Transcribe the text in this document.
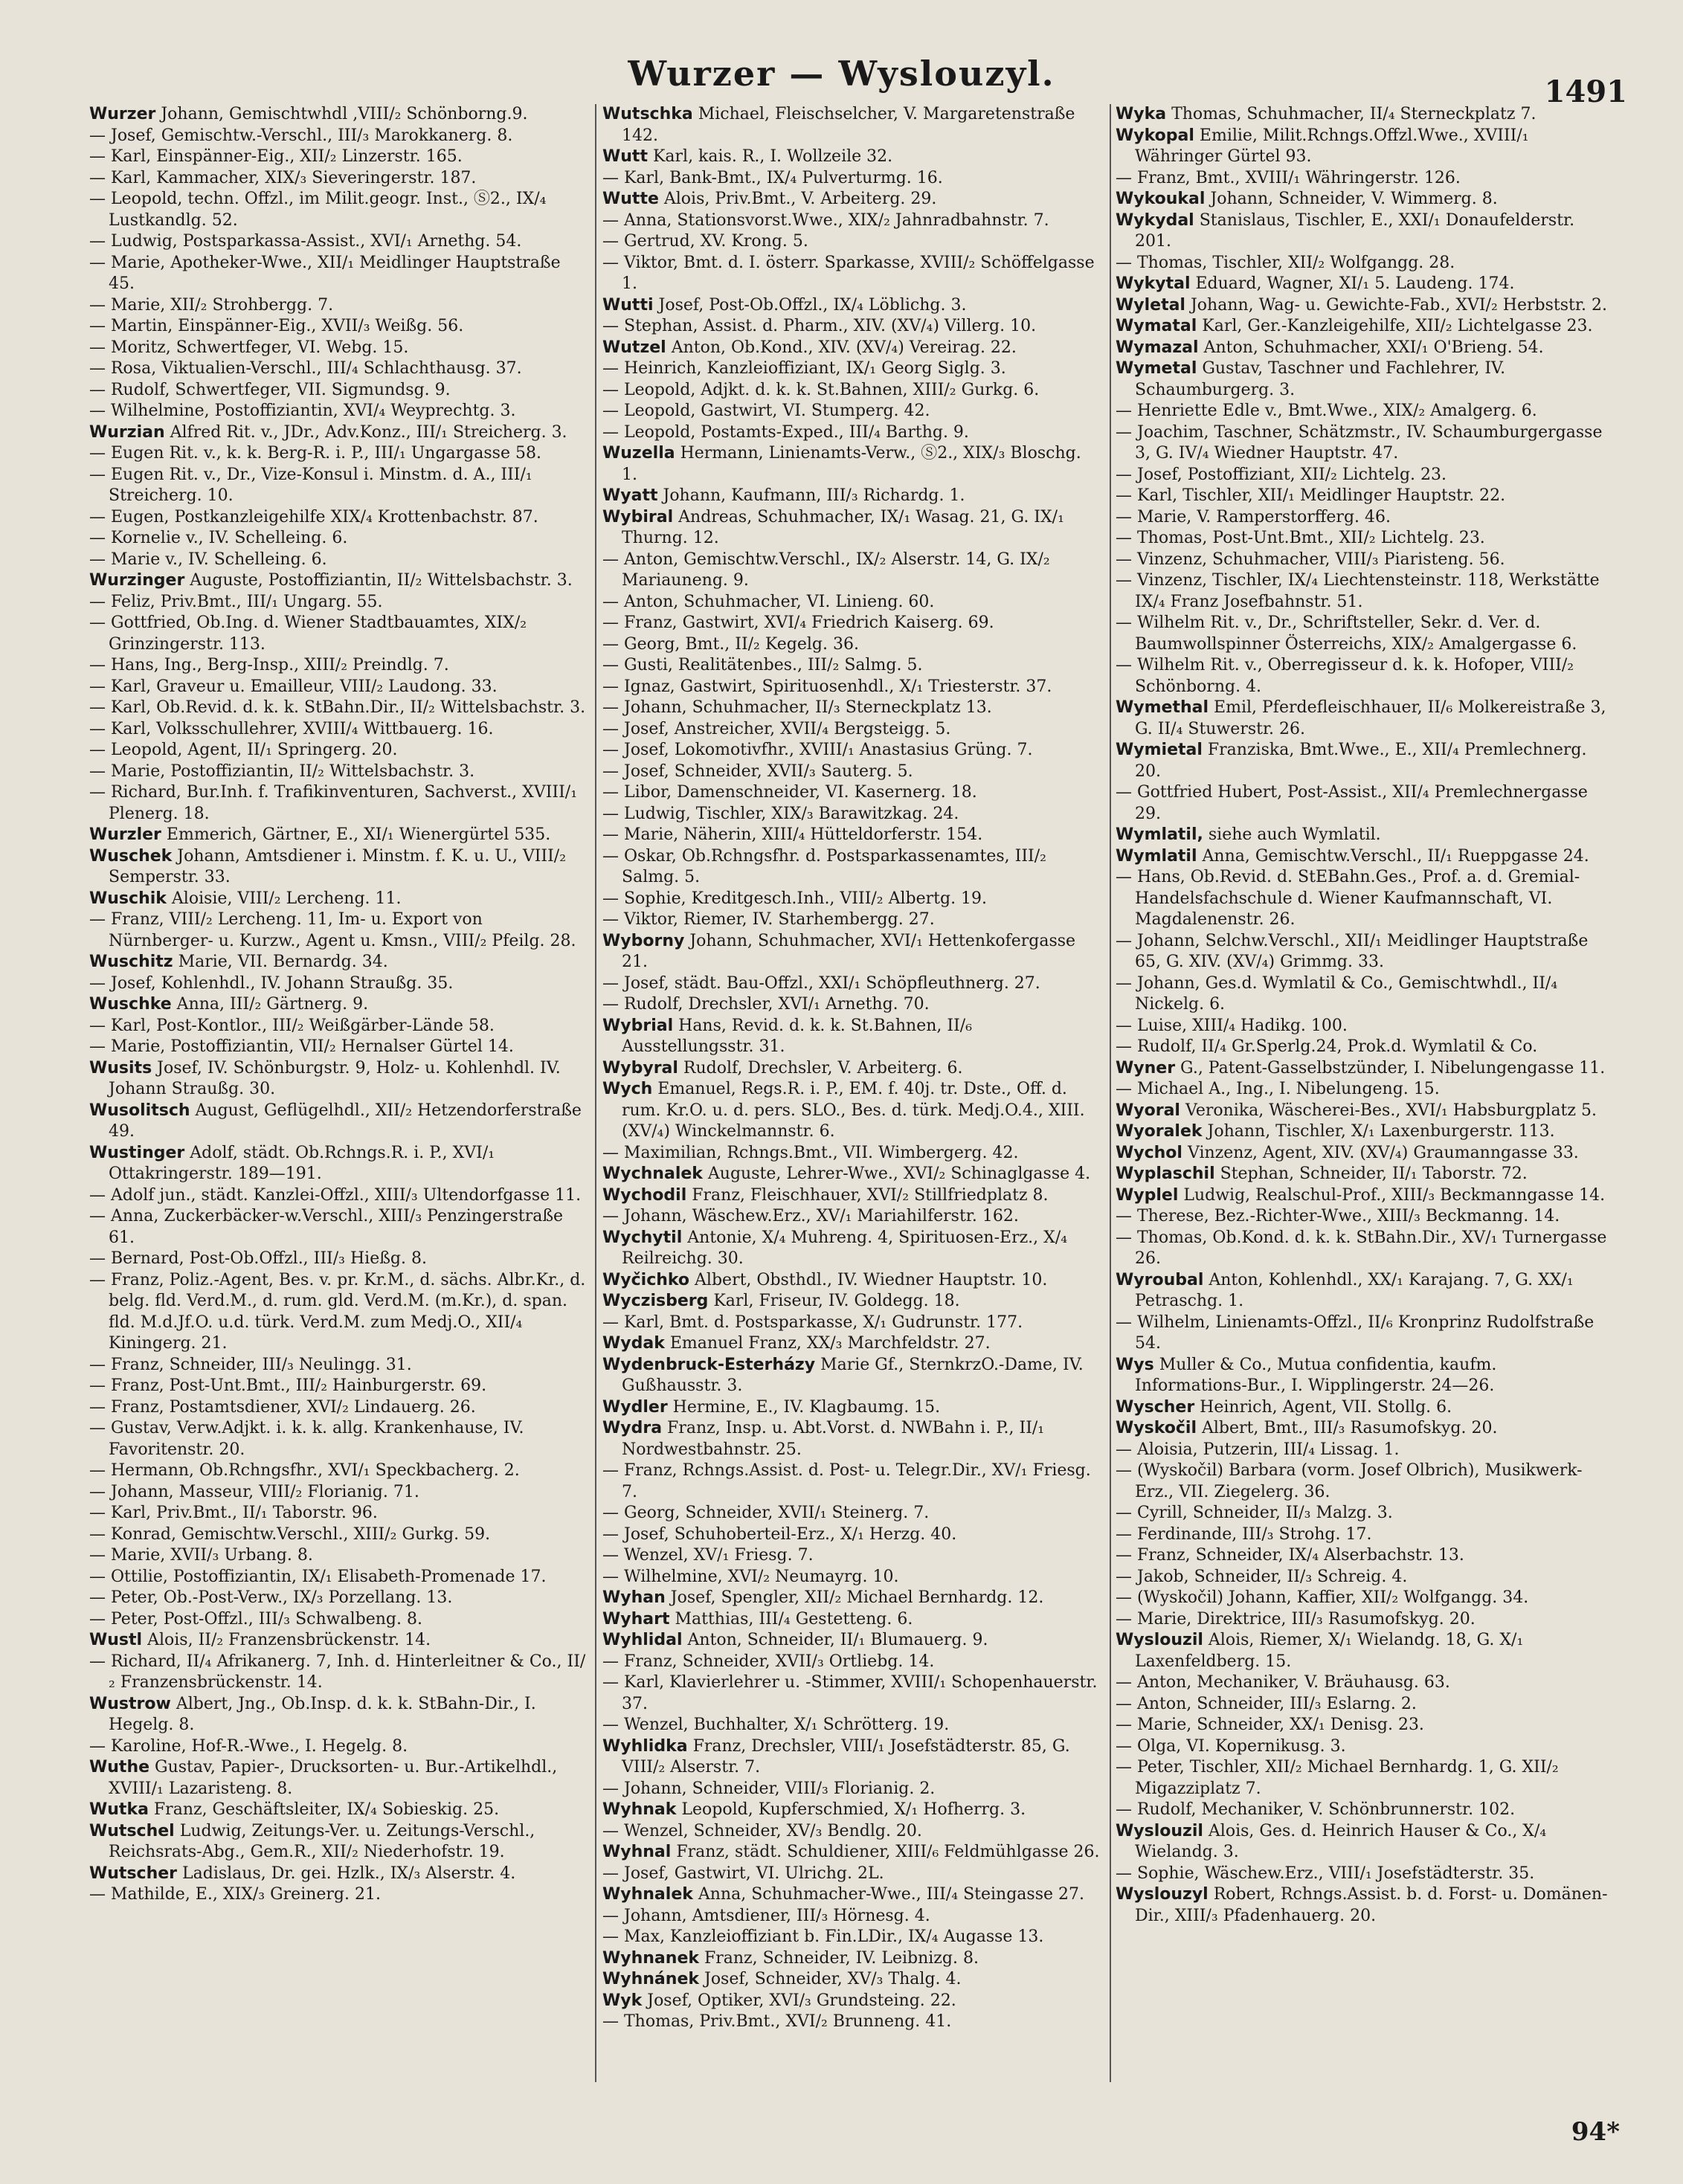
Wurzer — Wyslouzyl.	1491
Wurzer Johann, Gemischtwhdl ,VIII/₂ Schönborng.9.
— Josef, Gemischtw.-Verschl., III/₃ Marokkanerg. 8.
— Karl, Einspänner-Eig., XII/₂ Linzerstr. 165.
— Karl, Kammacher, XIX/₃ Sieveringerstr. 187.
— Leopold, techn. Offzl., im Milit.geogr. Inst., Ⓢ2., IX/₄ Lustkandlg. 52.
— Ludwig, Postsparkassa-Assist., XVI/₁ Arnethg. 54.
— Marie, Apotheker-Wwe., XII/₁ Meidlinger Hauptstraße 45.
— Marie, XII/₂ Strohbergg. 7.
— Martin, Einspänner-Eig., XVII/₃ Weißg. 56.
— Moritz, Schwertfeger, VI. Webg. 15.
— Rosa, Viktualien-Verschl., III/₄ Schlachthausg. 37.
— Rudolf, Schwertfeger, VII. Sigmundsg. 9.
— Wilhelmine, Postoffiziantin, XVI/₄ Weyprechtg. 3.
Wurzian Alfred Rit. v., JDr., Adv.Konz., III/₁ Streicherg. 3.
— Eugen Rit. v., k. k. Berg-R. i. P., III/₁ Ungargasse 58.
— Eugen Rit. v., Dr., Vize-Konsul i. Minstm. d. A., III/₁ Streicherg. 10.
— Eugen, Postkanzleigehilfe XIX/₄ Krottenbachstr. 87.
— Kornelie v., IV. Schelleing. 6.
— Marie v., IV. Schelleing. 6.
Wurzinger Auguste, Postoffiziantin, II/₂ Wittelsbachstr. 3.
— Feliz, Priv.Bmt., III/₁ Ungarg. 55.
— Gottfried, Ob.Ing. d. Wiener Stadtbauamtes, XIX/₂ Grinzingerstr. 113.
— Hans, Ing., Berg-Insp., XIII/₂ Preindlg. 7.
— Karl, Graveur u. Emailleur, VIII/₂ Laudong. 33.
— Karl, Ob.Revid. d. k. k. StBahn.Dir., II/₂ Wittelsbachstr. 3.
— Karl, Volksschullehrer, XVIII/₄ Wittbauerg. 16.
— Leopold, Agent, II/₁ Springerg. 20.
— Marie, Postoffiziantin, II/₂ Wittelsbachstr. 3.
— Richard, Bur.Inh. f. Trafikinventuren, Sachverst., XVIII/₁ Plenerg. 18.
Wurzler Emmerich, Gärtner, E., XI/₁ Wienergürtel 535.
Wuschek Johann, Amtsdiener i. Minstm. f. K. u. U., VIII/₂ Semperstr. 33.
Wuschik Aloisie, VIII/₂ Lercheng. 11.
— Franz, VIII/₂ Lercheng. 11, Im- u. Export von Nürnberger- u. Kurzw., Agent u. Kmsn., VIII/₂ Pfeilg. 28.
Wuschitz Marie, VII. Bernardg. 34.
— Josef, Kohlenhdl., IV. Johann Straußg. 35.
Wuschke Anna, III/₂ Gärtnerg. 9.
— Karl, Post-Kontlor., III/₂ Weißgärber-Lände 58.
— Marie, Postoffiziantin, VII/₂ Hernalser Gürtel 14.
Wusits Josef, IV. Schönburgstr. 9, Holz- u. Kohlenhdl. IV. Johann Straußg. 30.
Wusolitsch August, Geflügelhdl., XII/₂ Hetzendorferstraße 49.
Wustinger Adolf, städt. Ob.Rchngs.R. i. P., XVI/₁ Ottakringerstr. 189—191.
— Adolf jun., städt. Kanzlei-Offzl., XIII/₃ Ultendorfgasse 11.
— Anna, Zuckerbäcker-w.Verschl., XIII/₃ Penzingerstraße 61.
— Bernard, Post-Ob.Offzl., III/₃ Hießg. 8.
— Franz, Poliz.-Agent, Bes. v. pr. Kr.M., d. sächs. Albr.Kr., d. belg. fld. Verd.M., d. rum. gld. Verd.M. (m.Kr.), d. span. fld. M.d.Jf.O. u.d. türk. Verd.M. zum Medj.O., XII/₄ Kiningerg. 21.
— Franz, Schneider, III/₃ Neulingg. 31.
— Franz, Post-Unt.Bmt., III/₂ Hainburgerstr. 69.
— Franz, Postamtsdiener, XVI/₂ Lindauerg. 26.
— Gustav, Verw.Adjkt. i. k. k. allg. Krankenhause, IV. Favoritenstr. 20.
— Hermann, Ob.Rchngsfhr., XVI/₁ Speckbacherg. 2.
— Johann, Masseur, VIII/₂ Florianig. 71.
— Karl, Priv.Bmt., II/₁ Taborstr. 96.
— Konrad, Gemischtw.Verschl., XIII/₂ Gurkg. 59.
— Marie, XVII/₃ Urbang. 8.
— Ottilie, Postoffiziantin, IX/₁ Elisabeth-Promenade 17.
— Peter, Ob.-Post-Verw., IX/₃ Porzellang. 13.
— Peter, Post-Offzl., III/₃ Schwalbeng. 8.
Wustl Alois, II/₂ Franzensbrückenstr. 14.
— Richard, II/₄ Afrikanerg. 7, Inh. d. Hinterleitner & Co., II/₂ Franzensbrückenstr. 14.
Wustrow Albert, Jng., Ob.Insp. d. k. k. StBahn-Dir., I. Hegelg. 8.
— Karoline, Hof-R.-Wwe., I. Hegelg. 8.
Wuthe Gustav, Papier-, Drucksorten- u. Bur.-Artikelhdl., XVIII/₁ Lazaristeng. 8.
Wutka Franz, Geschäftsleiter, IX/₄ Sobieskig. 25.
Wutschel Ludwig, Zeitungs-Ver. u. Zeitungs-Verschl., Reichsrats-Abg., Gem.R., XII/₂ Niederhofstr. 19.
Wutscher Ladislaus, Dr. gei. Hzlk., IX/₃ Alserstr. 4.
— Mathilde, E., XIX/₃ Greinerg. 21.
Wutschka Michael, Fleischselcher, V. Margaretenstraße 142.
Wutt Karl, kais. R., I. Wollzeile 32.
— Karl, Bank-Bmt., IX/₄ Pulverturmg. 16.
Wutte Alois, Priv.Bmt., V. Arbeiterg. 29.
— Anna, Stationsvorst.Wwe., XIX/₂ Jahnradbahnstr. 7.
— Gertrud, XV. Krong. 5.
— Viktor, Bmt. d. I. österr. Sparkasse, XVIII/₂ Schöffelgasse 1.
Wutti Josef, Post-Ob.Offzl., IX/₄ Löblichg. 3.
— Stephan, Assist. d. Pharm., XIV. (XV/₄) Villerg. 10.
Wutzel Anton, Ob.Kond., XIV. (XV/₄) Vereirag. 22.
— Heinrich, Kanzleioffiziant, IX/₁ Georg Siglg. 3.
— Leopold, Adjkt. d. k. k. St.Bahnen, XIII/₂ Gurkg. 6.
— Leopold, Gastwirt, VI. Stumperg. 42.
— Leopold, Postamts-Exped., III/₄ Barthg. 9.
Wuzella Hermann, Linienamts-Verw., Ⓢ2., XIX/₃ Bloschg. 1.
Wyatt Johann, Kaufmann, III/₃ Richardg. 1.
Wybiral Andreas, Schuhmacher, IX/₁ Wasag. 21, G. IX/₁ Thurng. 12.
— Anton, Gemischtw.Verschl., IX/₂ Alserstr. 14, G. IX/₂ Mariauneng. 9.
— Anton, Schuhmacher, VI. Linieng. 60.
— Franz, Gastwirt, XVI/₄ Friedrich Kaiserg. 69.
— Georg, Bmt., II/₂ Kegelg. 36.
— Gusti, Realitätenbes., III/₂ Salmg. 5.
— Ignaz, Gastwirt, Spirituosenhdl., X/₁ Triesterstr. 37.
— Johann, Schuhmacher, II/₃ Sterneckplatz 13.
— Josef, Anstreicher, XVII/₄ Bergsteigg. 5.
— Josef, Lokomotivfhr., XVIII/₁ Anastasius Grüng. 7.
— Josef, Schneider, XVII/₃ Sauterg. 5.
— Libor, Damenschneider, VI. Kasernerg. 18.
— Ludwig, Tischler, XIX/₃ Barawitzkag. 24.
— Marie, Näherin, XIII/₄ Hütteldorferstr. 154.
— Oskar, Ob.Rchngsfhr. d. Postsparkassenamtes, III/₂ Salmg. 5.
— Sophie, Kreditgesch.Inh., VIII/₂ Albertg. 19.
— Viktor, Riemer, IV. Starhembergg. 27.
Wyborny Johann, Schuhmacher, XVI/₁ Hettenkofergasse 21.
— Josef, städt. Bau-Offzl., XXI/₁ Schöpfleuthnerg. 27.
— Rudolf, Drechsler, XVI/₁ Arnethg. 70.
Wybrial Hans, Revid. d. k. k. St.Bahnen, II/₆ Ausstellungsstr. 31.
Wybyral Rudolf, Drechsler, V. Arbeiterg. 6.
Wych Emanuel, Regs.R. i. P., EM. f. 40j. tr. Dste., Off. d. rum. Kr.O. u. d. pers. SLO., Bes. d. türk. Medj.O.4., XIII. (XV/₄) Winckelmannstr. 6.
— Maximilian, Rchngs.Bmt., VII. Wimbergerg. 42.
Wychnalek Auguste, Lehrer-Wwe., XVI/₂ Schinaglgasse 4.
Wychodil Franz, Fleischhauer, XVI/₂ Stillfriedplatz 8.
— Johann, Wäschew.Erz., XV/₁ Mariahilferstr. 162.
Wychytil Antonie, X/₄ Muhreng. 4, Spirituosen-Erz., X/₄ Reilreichg. 30.
Wyčichko Albert, Obsthdl., IV. Wiedner Hauptstr. 10.
Wyczisberg Karl, Friseur, IV. Goldegg. 18.
— Karl, Bmt. d. Postsparkasse, X/₁ Gudrunstr. 177.
Wydak Emanuel Franz, XX/₃ Marchfeldstr. 27.
Wydenbruck-Esterházy Marie Gf., SternkrzO.-Dame, IV. Gußhausstr. 3.
Wydler Hermine, E., IV. Klagbaumg. 15.
Wydra Franz, Insp. u. Abt.Vorst. d. NWBahn i. P., II/₁ Nordwestbahnstr. 25.
— Franz, Rchngs.Assist. d. Post- u. Telegr.Dir., XV/₁ Friesg. 7.
— Georg, Schneider, XVII/₁ Steinerg. 7.
— Josef, Schuhoberteil-Erz., X/₁ Herzg. 40.
— Wenzel, XV/₁ Friesg. 7.
— Wilhelmine, XVI/₂ Neumayrg. 10.
Wyhan Josef, Spengler, XII/₂ Michael Bernhardg. 12.
Wyhart Matthias, III/₄ Gestetteng. 6.
Wyhlidal Anton, Schneider, II/₁ Blumauerg. 9.
— Franz, Schneider, XVII/₃ Ortliebg. 14.
— Karl, Klavierlehrer u. -Stimmer, XVIII/₁ Schopenhauerstr. 37.
— Wenzel, Buchhalter, X/₁ Schrötterg. 19.
Wyhlidka Franz, Drechsler, VIII/₁ Josefstädterstr. 85, G. VIII/₂ Alserstr. 7.
— Johann, Schneider, VIII/₃ Florianig. 2.
Wyhnak Leopold, Kupferschmied, X/₁ Hofherrg. 3.
— Wenzel, Schneider, XV/₃ Bendlg. 20.
Wyhnal Franz, städt. Schuldiener, XIII/₆ Feldmühlgasse 26.
— Josef, Gastwirt, VI. Ulrichg. 2L.
Wyhnalek Anna, Schuhmacher-Wwe., III/₄ Steingasse 27.
— Johann, Amtsdiener, III/₃ Hörnesg. 4.
— Max, Kanzleioffiziant b. Fin.LDir., IX/₄ Augasse 13.
Wyhnanek Franz, Schneider, IV. Leibnizg. 8.
Wyhnánek Josef, Schneider, XV/₃ Thalg. 4.
Wyk Josef, Optiker, XVI/₃ Grundsteing. 22.
— Thomas, Priv.Bmt., XVI/₂ Brunneng. 41.
Wyka Thomas, Schuhmacher, II/₄ Sterneckplatz 7.
Wykopal Emilie, Milit.Rchngs.Offzl.Wwe., XVIII/₁ Währinger Gürtel 93.
— Franz, Bmt., XVIII/₁ Währingerstr. 126.
Wykoukal Johann, Schneider, V. Wimmerg. 8.
Wykydal Stanislaus, Tischler, E., XXI/₁ Donaufelderstr. 201.
— Thomas, Tischler, XII/₂ Wolfgangg. 28.
Wykytal Eduard, Wagner, XI/₁ 5. Laudeng. 174.
Wyletal Johann, Wag- u. Gewichte-Fab., XVI/₂ Herbststr. 2.
Wymatal Karl, Ger.-Kanzleigehilfe, XII/₂ Lichtelgasse 23.
Wymazal Anton, Schuhmacher, XXI/₁ O'Brieng. 54.
Wymetal Gustav, Taschner und Fachlehrer, IV. Schaumburgerg. 3.
— Henriette Edle v., Bmt.Wwe., XIX/₂ Amalgerg. 6.
— Joachim, Taschner, Schätzmstr., IV. Schaumburgergasse 3, G. IV/₄ Wiedner Hauptstr. 47.
— Josef, Postoffiziant, XII/₂ Lichtelg. 23.
— Karl, Tischler, XII/₁ Meidlinger Hauptstr. 22.
— Marie, V. Ramperstorfferg. 46.
— Thomas, Post-Unt.Bmt., XII/₂ Lichtelg. 23.
— Vinzenz, Schuhmacher, VIII/₃ Piaristeng. 56.
— Vinzenz, Tischler, IX/₄ Liechtensteinstr. 118, Werkstätte IX/₄ Franz Josefbahnstr. 51.
— Wilhelm Rit. v., Dr., Schriftsteller, Sekr. d. Ver. d. Baumwollspinner Österreichs, XIX/₂ Amalgergasse 6.
— Wilhelm Rit. v., Oberregisseur d. k. k. Hofoper, VIII/₂ Schönborng. 4.
Wymethal Emil, Pferdefleischhauer, II/₆ Molkereistraße 3, G. II/₄ Stuwerstr. 26.
Wymietal Franziska, Bmt.Wwe., E., XII/₄ Premlechnerg. 20.
— Gottfried Hubert, Post-Assist., XII/₄ Premlechnergasse 29.
Wymlatil, siehe auch Wymlatil.
Wymlatil Anna, Gemischtw.Verschl., II/₁ Rueppgasse 24.
— Hans, Ob.Revid. d. StEBahn.Ges., Prof. a. d. Gremial-Handelsfachschule d. Wiener Kaufmannschaft, VI. Magdalenenstr. 26.
— Johann, Selchw.Verschl., XII/₁ Meidlinger Hauptstraße 65, G. XIV. (XV/₄) Grimmg. 33.
— Johann, Ges.d. Wymlatil & Co., Gemischtwhdl., II/₄ Nickelg. 6.
— Luise, XIII/₄ Hadikg. 100.
— Rudolf, II/₄ Gr.Sperlg.24, Prok.d. Wymlatil & Co.
Wyner G., Patent-Gasselbstzünder, I. Nibelungengasse 11.
— Michael A., Ing., I. Nibelungeng. 15.
Wyoral Veronika, Wäscherei-Bes., XVI/₁ Habsburgplatz 5.
Wyoralek Johann, Tischler, X/₁ Laxenburgerstr. 113.
Wychol Vinzenz, Agent, XIV. (XV/₄) Graumanngasse 33.
Wyplaschil Stephan, Schneider, II/₁ Taborstr. 72.
Wyplel Ludwig, Realschul-Prof., XIII/₃ Beckmanngasse 14.
— Therese, Bez.-Richter-Wwe., XIII/₃ Beckmanng. 14.
— Thomas, Ob.Kond. d. k. k. StBahn.Dir., XV/₁ Turnergasse 26.
Wyroubal Anton, Kohlenhdl., XX/₁ Karajang. 7, G. XX/₁ Petraschg. 1.
— Wilhelm, Linienamts-Offzl., II/₆ Kronprinz Rudolfstraße 54.
Wys Muller & Co., Mutua confidentia, kaufm. Informations-Bur., I. Wipplingerstr. 24—26.
Wyscher Heinrich, Agent, VII. Stollg. 6.
Wyskočil Albert, Bmt., III/₃ Rasumofskyg. 20.
— Aloisia, Putzerin, III/₄ Lissag. 1.
— (Wyskočil) Barbara (vorm. Josef Olbrich), Musikwerk-Erz., VII. Ziegelerg. 36.
— Cyrill, Schneider, II/₃ Malzg. 3.
— Ferdinande, III/₃ Strohg. 17.
— Franz, Schneider, IX/₄ Alserbachstr. 13.
— Jakob, Schneider, II/₃ Schreig. 4.
— (Wyskočil) Johann, Kaffier, XII/₂ Wolfgangg. 34.
— Marie, Direktrice, III/₃ Rasumofskyg. 20.
Wyslouzil Alois, Riemer, X/₁ Wielandg. 18, G. X/₁ Laxenfeldberg. 15.
— Anton, Mechaniker, V. Bräuhausg. 63.
— Anton, Schneider, III/₃ Eslarng. 2.
— Marie, Schneider, XX/₁ Denisg. 23.
— Olga, VI. Kopernikusg. 3.
— Peter, Tischler, XII/₂ Michael Bernhardg. 1, G. XII/₂ Migazziplatz 7.
— Rudolf, Mechaniker, V. Schönbrunnerstr. 102.
Wyslouzil Alois, Ges. d. Heinrich Hauser & Co., X/₄ Wielandg. 3.
— Sophie, Wäschew.Erz., VIII/₁ Josefstädterstr. 35.
Wyslouzyl Robert, Rchngs.Assist. b. d. Forst- u. Domänen-Dir., XIII/₃ Pfadenhauerg. 20.
94*
